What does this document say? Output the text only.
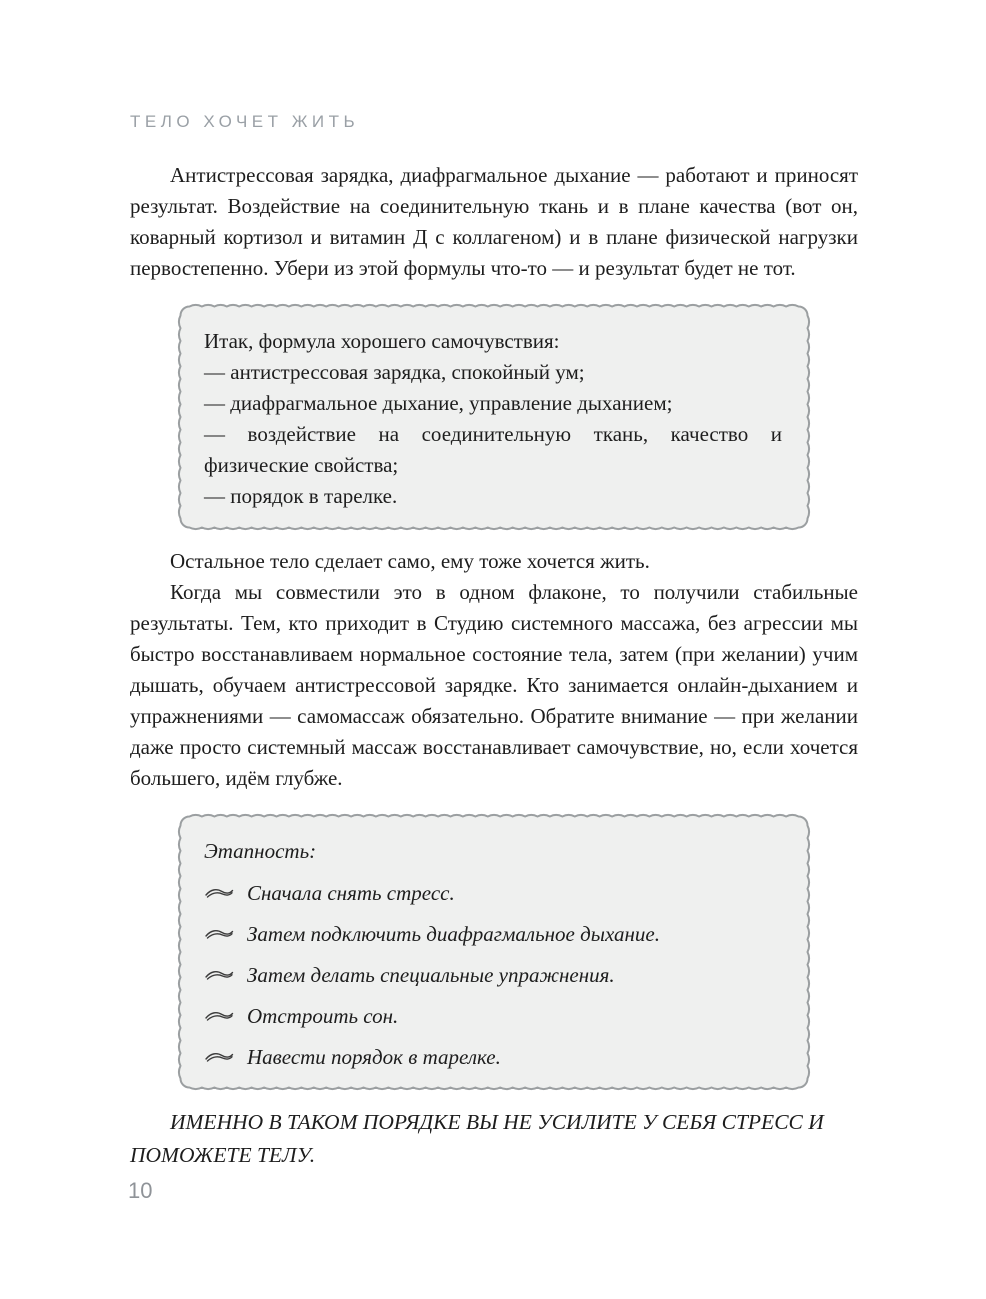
ТЕЛО ХОЧЕТ ЖИТЬ

Антистрессовая зарядка, диафрагмальное дыхание — работают и приносят результат. Воздействие на соединительную ткань и в плане качества (вот он, коварный кортизол и витамин Д с коллагеном) и в плане физической нагрузки первостепенно. Убери из этой формулы что-то — и результат будет не тот.

Итак, формула хорошего самочувствия:

— антистрессовая зарядка, спокойный ум;

— диафрагмальное дыхание, управление дыханием;

— воздействие на соединительную ткань, качество и физические свойства;

— порядок в тарелке.

Остальное тело сделает само, ему тоже хочется жить.

Когда мы совместили это в одном флаконе, то получили стабильные результаты. Тем, кто приходит в Студию системного массажа, без агрессии мы быстро восстанавливаем нормальное состояние тела, затем (при желании) учим дышать, обучаем антистрессовой зарядке. Кто занимается онлайн-дыханием и упражнениями — самомассаж обязательно. Обратите внимание — при желании даже просто системный массаж восстанавливает самочувствие, но, если хочется большего, идём глубже.

Этапность:

Сначала снять стресс.
Затем подключить диафрагмальное дыхание.
Затем делать специальные упражнения.
Отстроить сон.
Навести порядок в тарелке.

ИМЕННО В ТАКОМ ПОРЯДКЕ ВЫ НЕ УСИЛИТЕ У СЕБЯ СТРЕСС И ПОМОЖЕТЕ ТЕЛУ.

10
